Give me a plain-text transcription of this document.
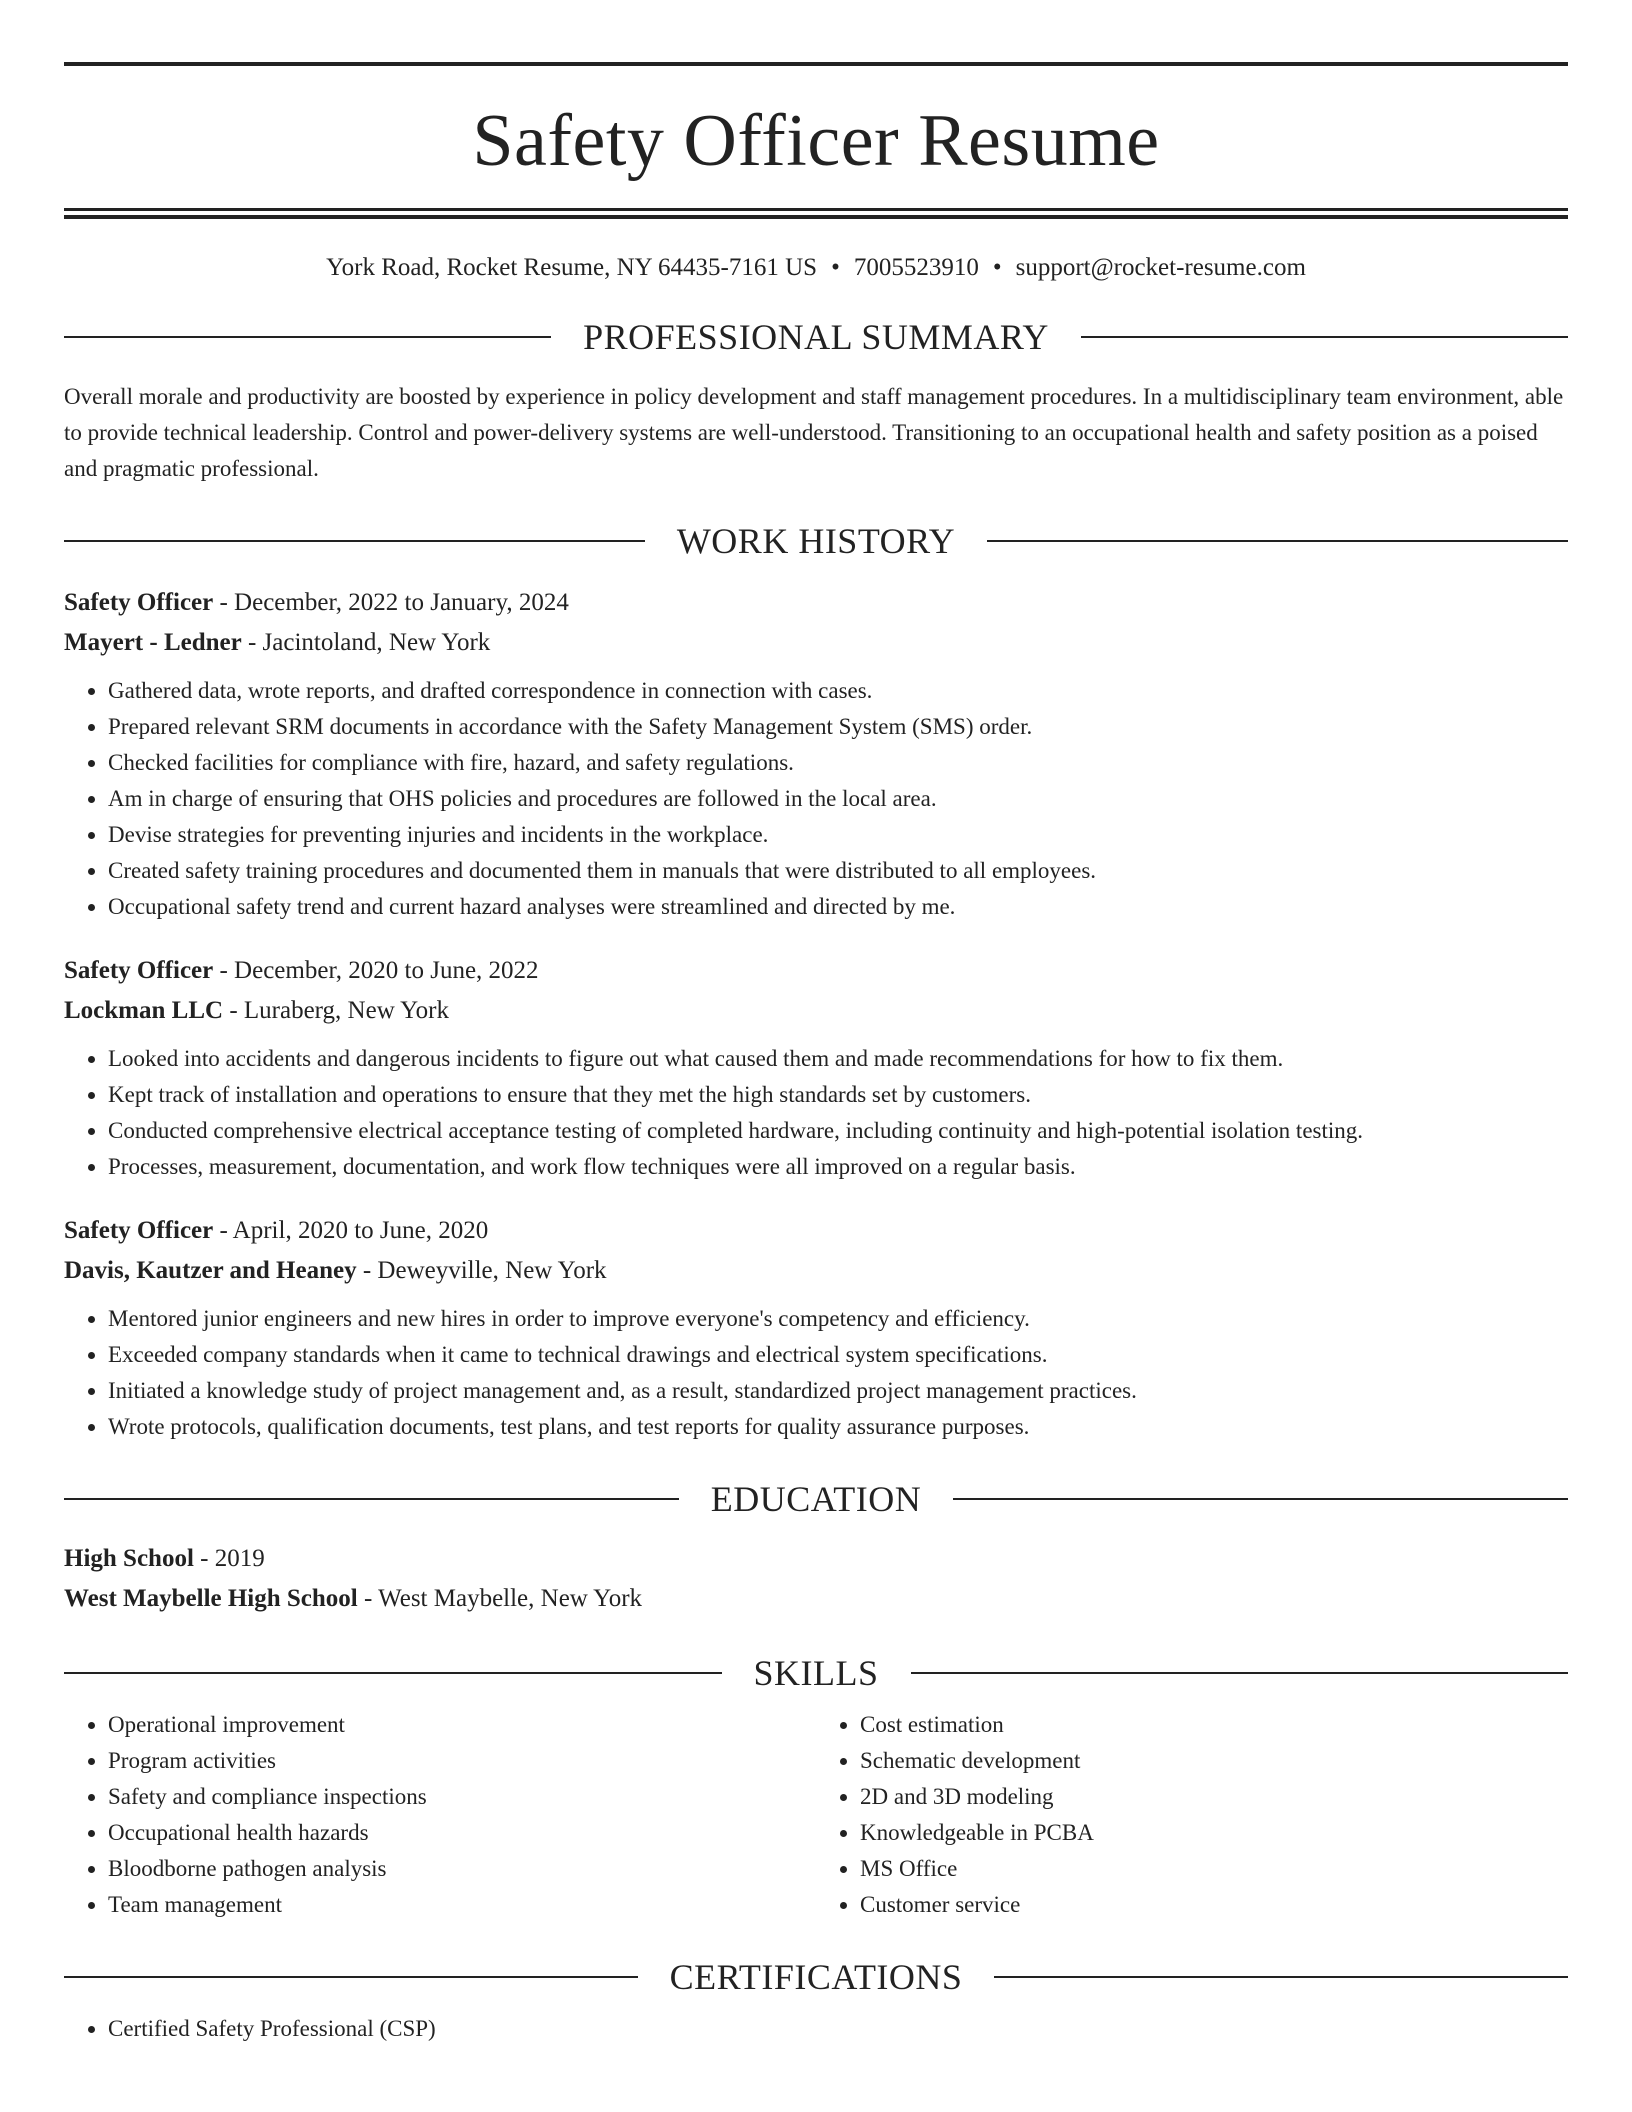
Safety Officer Resume
York Road, Rocket Resume, NY 64435-7161 US • 7005523910 • support@rocket-resume.com
PROFESSIONAL SUMMARY
Overall morale and productivity are boosted by experience in policy development and staff management procedures. In a multidisciplinary team environment, able to provide technical leadership. Control and power-delivery systems are well-understood. Transitioning to an occupational health and safety position as a poised and pragmatic professional.
WORK HISTORY
Safety Officer - December, 2022 to January, 2024
Mayert - Ledner - Jacintoland, New York
• Gathered data, wrote reports, and drafted correspondence in connection with cases.
• Prepared relevant SRM documents in accordance with the Safety Management System (SMS) order.
• Checked facilities for compliance with fire, hazard, and safety regulations.
• Am in charge of ensuring that OHS policies and procedures are followed in the local area.
• Devise strategies for preventing injuries and incidents in the workplace.
• Created safety training procedures and documented them in manuals that were distributed to all employees.
• Occupational safety trend and current hazard analyses were streamlined and directed by me.
Safety Officer - December, 2020 to June, 2022
Lockman LLC - Luraberg, New York
• Looked into accidents and dangerous incidents to figure out what caused them and made recommendations for how to fix them.
• Kept track of installation and operations to ensure that they met the high standards set by customers.
• Conducted comprehensive electrical acceptance testing of completed hardware, including continuity and high-potential isolation testing.
• Processes, measurement, documentation, and work flow techniques were all improved on a regular basis.
Safety Officer - April, 2020 to June, 2020
Davis, Kautzer and Heaney - Deweyville, New York
• Mentored junior engineers and new hires in order to improve everyone's competency and efficiency.
• Exceeded company standards when it came to technical drawings and electrical system specifications.
• Initiated a knowledge study of project management and, as a result, standardized project management practices.
• Wrote protocols, qualification documents, test plans, and test reports for quality assurance purposes.
EDUCATION
High School - 2019
West Maybelle High School - West Maybelle, New York
SKILLS
• Operational improvement
• Program activities
• Safety and compliance inspections
• Occupational health hazards
• Bloodborne pathogen analysis
• Team management
• Cost estimation
• Schematic development
• 2D and 3D modeling
• Knowledgeable in PCBA
• MS Office
• Customer service
CERTIFICATIONS
• Certified Safety Professional (CSP)
